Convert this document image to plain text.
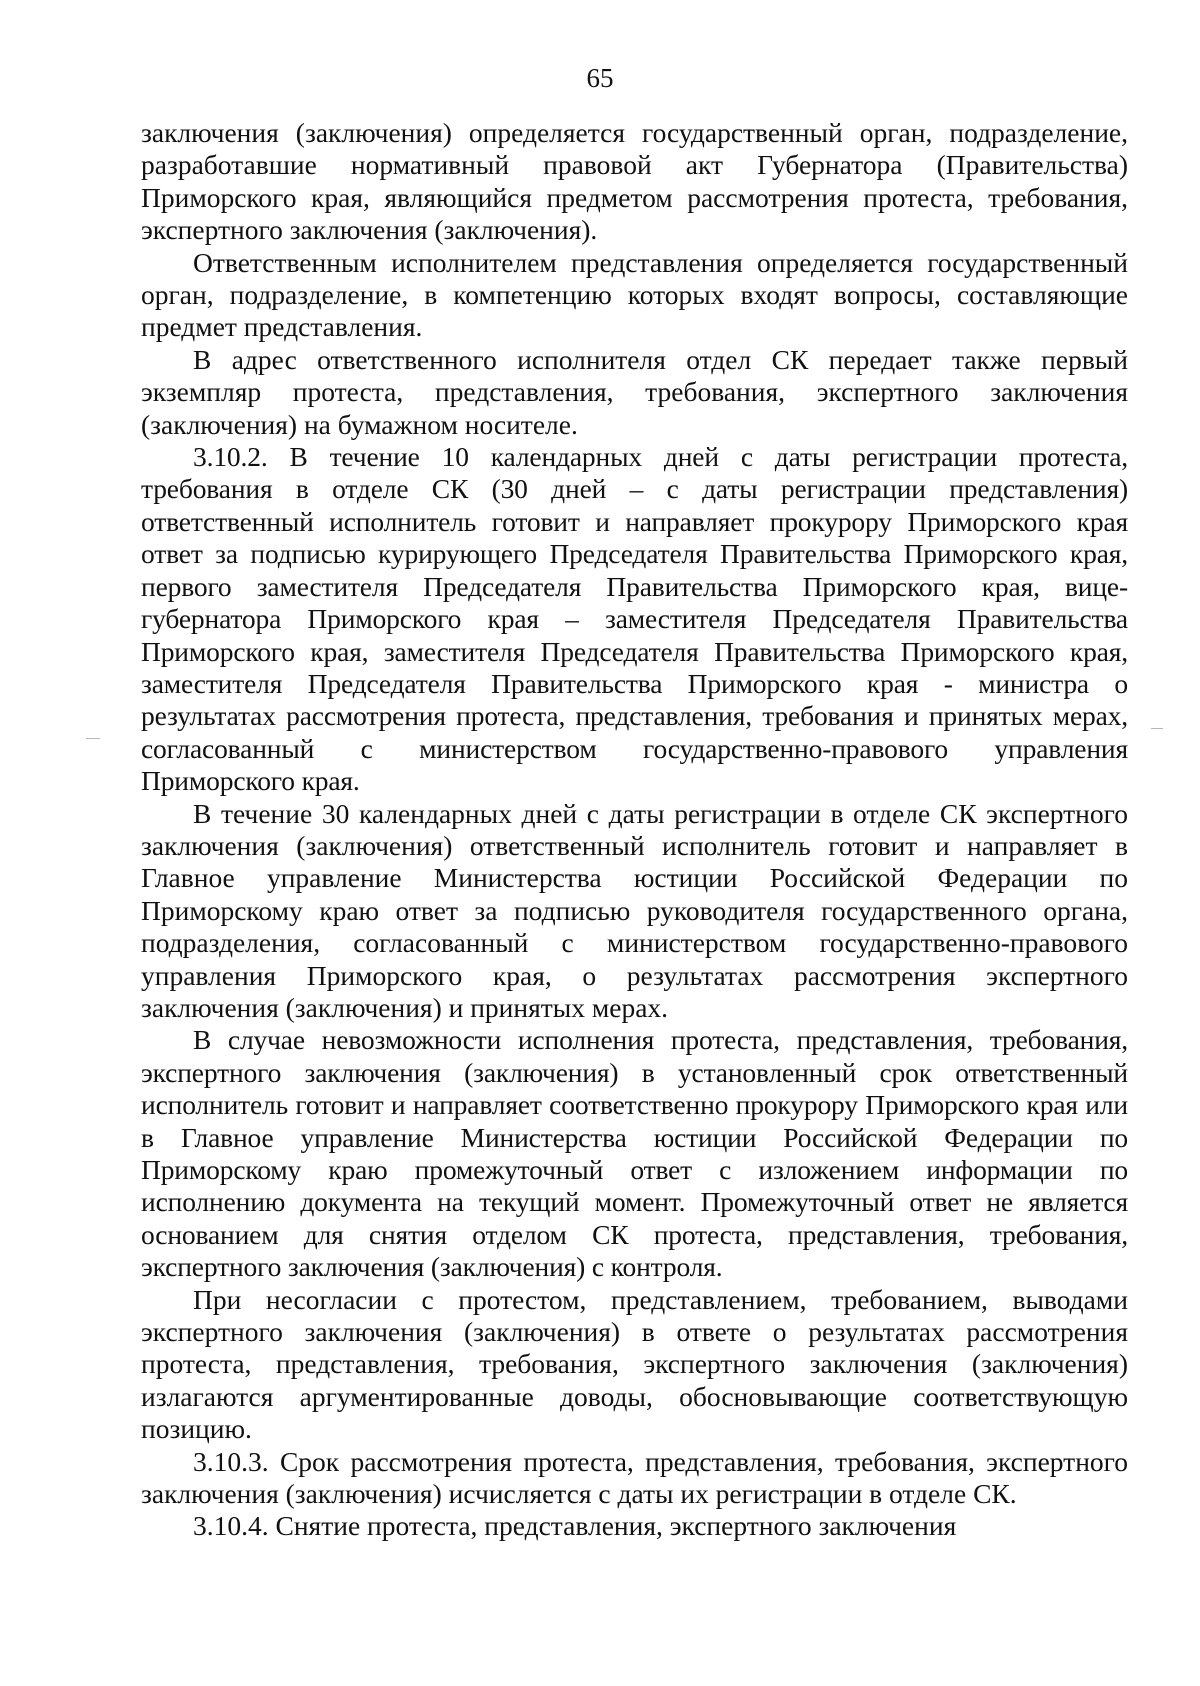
65

заключения (заключения) определяется государственный орган, подразделение, разработавшие нормативный правовой акт Губернатора (Правительства) Приморского края, являющийся предметом рассмотрения протеста, требования, экспертного заключения (заключения).

Ответственным исполнителем представления определяется государственный орган, подразделение, в компетенцию которых входят вопросы, составляющие предмет представления.

В адрес ответственного исполнителя отдел СК передает также первый экземпляр протеста, представления, требования, экспертного заключения (заключения) на бумажном носителе.

3.10.2. В течение 10 календарных дней с даты регистрации протеста, требования в отделе СК (30 дней – с даты регистрации представления) ответственный исполнитель готовит и направляет прокурору Приморского края ответ за подписью курирующего Председателя Правительства Приморского края, первого заместителя Председателя Правительства Приморского края, вице-губернатора Приморского края – заместителя Председателя Правительства Приморского края, заместителя Председателя Правительства Приморского края, заместителя Председателя Правительства Приморского края - министра о результатах рассмотрения протеста, представления, требования и принятых мерах, согласованный с министерством государственно-правового управления Приморского края.

В течение 30 календарных дней с даты регистрации в отделе СК экспертного заключения (заключения) ответственный исполнитель готовит и направляет в Главное управление Министерства юстиции Российской Федерации по Приморскому краю ответ за подписью руководителя государственного органа, подразделения, согласованный с министерством государственно-правового управления Приморского края, о результатах рассмотрения экспертного заключения (заключения) и принятых мерах.

В случае невозможности исполнения протеста, представления, требования, экспертного заключения (заключения) в установленный срок ответственный исполнитель готовит и направляет соответственно прокурору Приморского края или в Главное управление Министерства юстиции Российской Федерации по Приморскому краю промежуточный ответ с изложением информации по исполнению документа на текущий момент. Промежуточный ответ не является основанием для снятия отделом СК протеста, представления, требования, экспертного заключения (заключения) с контроля.

При несогласии с протестом, представлением, требованием, выводами экспертного заключения (заключения) в ответе о результатах рассмотрения протеста, представления, требования, экспертного заключения (заключения) излагаются аргументированные доводы, обосновывающие соответствующую позицию.

3.10.3. Срок рассмотрения протеста, представления, требования, экспертного заключения (заключения) исчисляется с даты их регистрации в отделе СК.

3.10.4. Снятие протеста, представления, экспертного заключения
